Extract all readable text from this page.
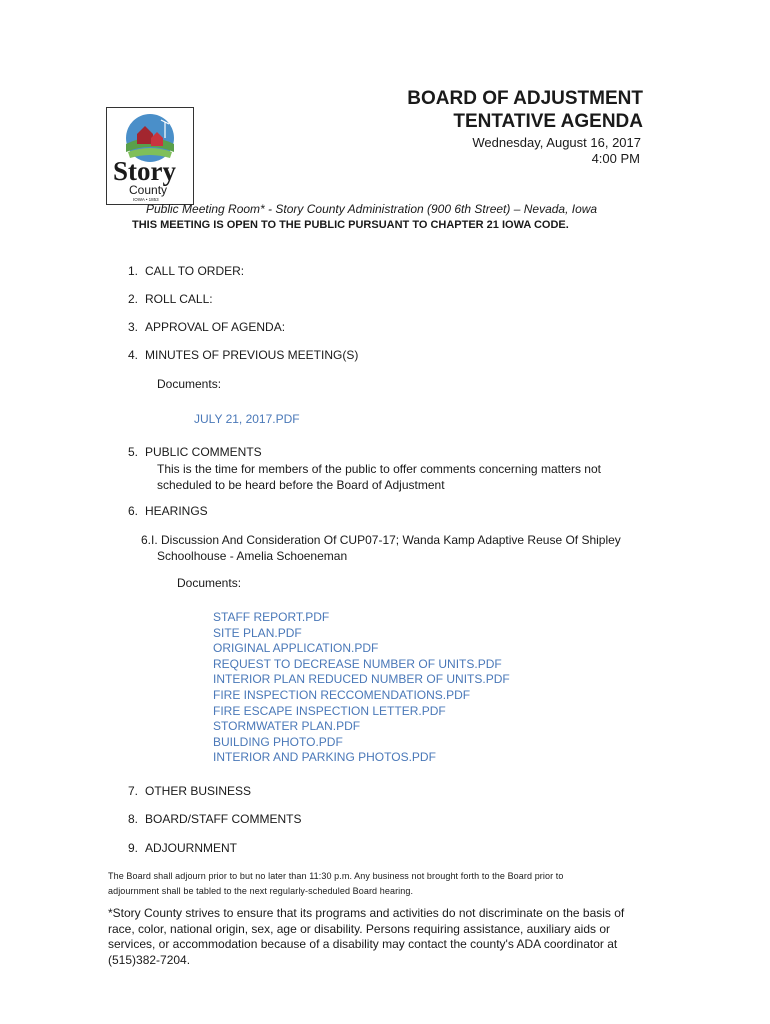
Story
County
IOWA • 1853
BOARD OF ADJUSTMENT
TENTATIVE AGENDA
Wednesday, August 16, 2017
4:00 PM
Public Meeting Room* - Story County Administration (900 6th Street) – Nevada, Iowa
THIS MEETING IS OPEN TO THE PUBLIC PURSUANT TO CHAPTER 21 IOWA CODE.
1. CALL TO ORDER:
2. ROLL CALL:
3. APPROVAL OF AGENDA:
4. MINUTES OF PREVIOUS MEETING(S)
Documents:
JULY 21, 2017.PDF
5. PUBLIC COMMENTS
This is the time for members of the public to offer comments concerning matters not
scheduled to be heard before the Board of Adjustment
6. HEARINGS
6.I. Discussion And Consideration Of CUP07-17; Wanda Kamp Adaptive Reuse Of Shipley
Schoolhouse - Amelia Schoeneman
Documents:
STAFF REPORT.PDF
SITE PLAN.PDF
ORIGINAL APPLICATION.PDF
REQUEST TO DECREASE NUMBER OF UNITS.PDF
INTERIOR PLAN REDUCED NUMBER OF UNITS.PDF
FIRE INSPECTION RECCOMENDATIONS.PDF
FIRE ESCAPE INSPECTION LETTER.PDF
STORMWATER PLAN.PDF
BUILDING PHOTO.PDF
INTERIOR AND PARKING PHOTOS.PDF
7. OTHER BUSINESS
8. BOARD/STAFF COMMENTS
9. ADJOURNMENT
The Board shall adjourn prior to but no later than 11:30 p.m. Any business not brought forth to the Board prior to
adjournment shall be tabled to the next regularly-scheduled Board hearing.
*Story County strives to ensure that its programs and activities do not discriminate on the basis of race, color, national origin, sex, age or disability. Persons requiring assistance, auxiliary aids or services, or accommodation because of a disability may contact the county's ADA coordinator at (515)382-7204.
